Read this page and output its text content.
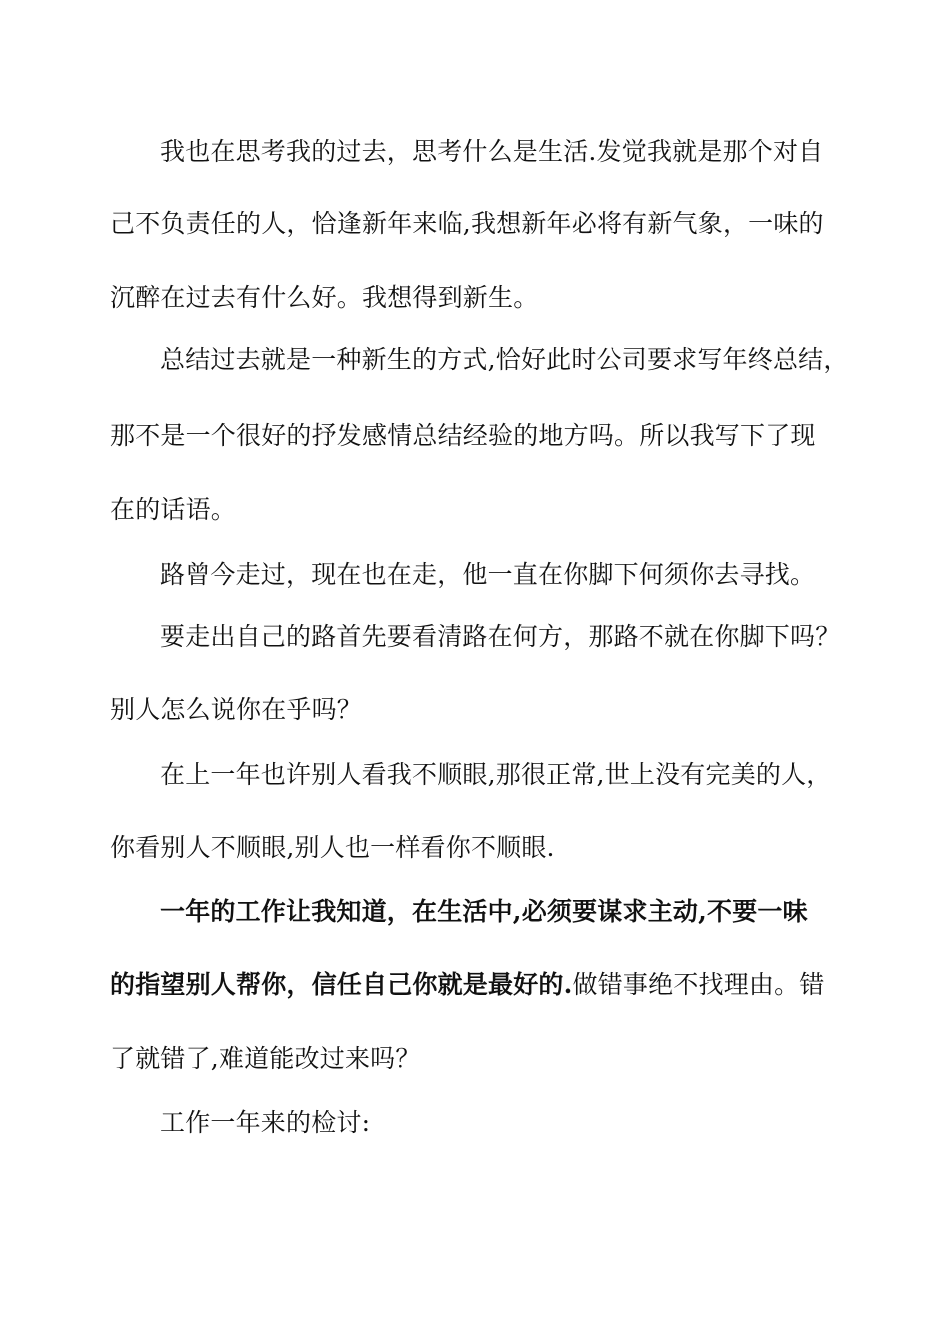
我也在思考我的过去，思考什么是生活.发觉我就是那个对自
己不负责任的人，恰逢新年来临,我想新年必将有新气象，一味的
沉醉在过去有什么好。我想得到新生。
总结过去就是一种新生的方式,恰好此时公司要求写年终总结，
那不是一个很好的抒发感情总结经验的地方吗。所以我写下了现
在的话语。
路曾今走过，现在也在走，他一直在你脚下何须你去寻找。
要走出自己的路首先要看清路在何方，那路不就在你脚下吗？
别人怎么说你在乎吗？
在上一年也许别人看我不顺眼,那很正常,世上没有完美的人，
你看别人不顺眼,别人也一样看你不顺眼.
一年的工作让我知道，在生活中,必须要谋求主动,不要一味
的指望别人帮你，信任自己你就是最好的.做错事绝不找理由。错
了就错了,难道能改过来吗？
工作一年来的检讨:
